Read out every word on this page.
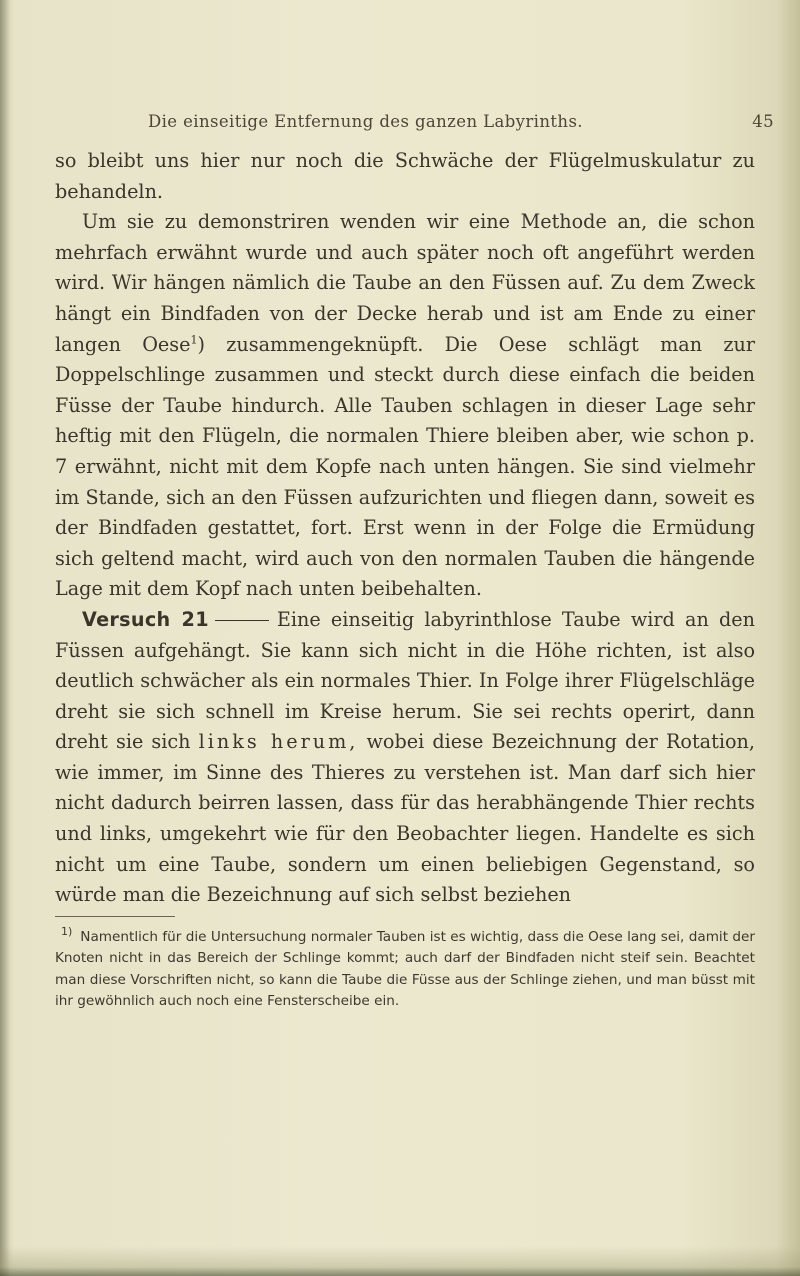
Die einseitige Entfernung des ganzen Labyrinths.	45

so bleibt uns hier nur noch die Schwäche der Flügelmuskulatur zu behandeln.

Um sie zu demonstriren wenden wir eine Methode an, die schon mehrfach erwähnt wurde und auch später noch oft angeführt werden wird. Wir hängen nämlich die Taube an den Füssen auf. Zu dem Zweck hängt ein Bindfaden von der Decke herab und ist am Ende zu einer langen Oese$^1$) zusammengeknüpft. Die Oese schlägt man zur Doppelschlinge zusammen und steckt durch diese einfach die beiden Füsse der Taube hindurch. Alle Tauben schlagen in dieser Lage sehr heftig mit den Flügeln, die normalen Thiere bleiben aber, wie schon p. 7 erwähnt, nicht mit dem Kopfe nach unten hängen. Sie sind vielmehr im Stande, sich an den Füssen aufzurichten und fliegen dann, soweit es der Bindfaden gestattet, fort. Erst wenn in der Folge die Ermüdung sich geltend macht, wird auch von den normalen Tauben die hängende Lage mit dem Kopf nach unten beibehalten.

Versuch 21	Eine einseitig labyrinthlose Taube wird an den Füssen aufgehängt. Sie kann sich nicht in die Höhe richten, ist also deutlich schwächer als ein normales Thier. In Folge ihrer Flügelschläge dreht sie sich schnell im Kreise herum. Sie sei rechts operirt, dann dreht sie sich links herum, wobei diese Bezeichnung der Rotation, wie immer, im Sinne des Thieres zu verstehen ist. Man darf sich hier nicht dadurch beirren lassen, dass für das herabhängende Thier rechts und links, umgekehrt wie für den Beobachter liegen. Handelte es sich nicht um eine Taube, sondern um einen beliebigen Gegenstand, so würde man die Bezeichnung auf sich selbst beziehen

$^{1)}$ Namentlich für die Untersuchung normaler Tauben ist es wichtig, dass die Oese lang sei, damit der Knoten nicht in das Bereich der Schlinge kommt; auch darf der Bindfaden nicht steif sein. Beachtet man diese Vorschriften nicht, so kann die Taube die Füsse aus der Schlinge ziehen, und man büsst mit ihr gewöhnlich auch noch eine Fensterscheibe ein.
